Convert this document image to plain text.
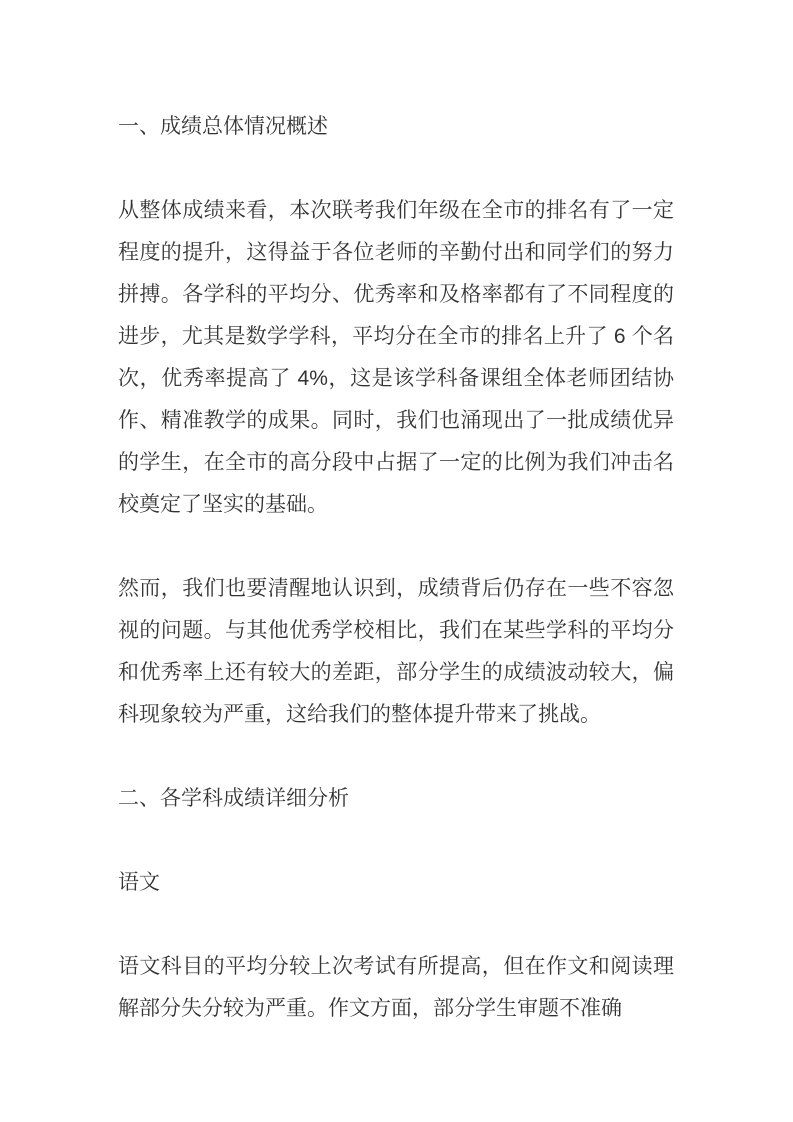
一、成绩总体情况概述
从整体成绩来看，本次联考我们年级在全市的排名有了一定程度的提升，这得益于各位老师的辛勤付出和同学们的努力拼搏。各学科的平均分、优秀率和及格率都有了不同程度的进步，尤其是数学学科，平均分在全市的排名上升了 6 个名次，优秀率提高了 4%，这是该学科备课组全体老师团结协作、精准教学的成果。同时，我们也涌现出了一批成绩优异的学生，在全市的高分段中占据了一定的比例为我们冲击名校奠定了坚实的基础。
然而，我们也要清醒地认识到，成绩背后仍存在一些不容忽视的问题。与其他优秀学校相比，我们在某些学科的平均分和优秀率上还有较大的差距，部分学生的成绩波动较大，偏科现象较为严重，这给我们的整体提升带来了挑战。
二、各学科成绩详细分析
语文
语文科目的平均分较上次考试有所提高，但在作文和阅读理解部分失分较为严重。作文方面，部分学生审题不准确
